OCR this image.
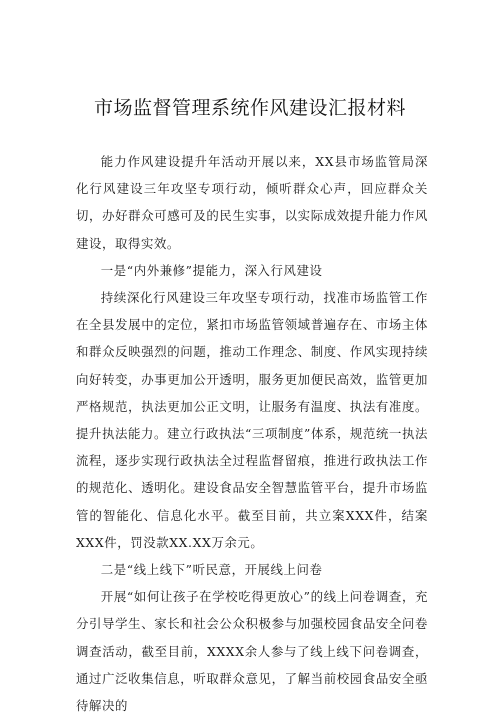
市场监督管理系统作风建设汇报材料

能力作风建设提升年活动开展以来，XX县市场监管局深化行风建设三年攻坚专项行动，倾听群众心声，回应群众关切，办好群众可感可及的民生实事，以实际成效提升能力作风建设，取得实效。

一是“内外兼修”提能力，深入行风建设

持续深化行风建设三年攻坚专项行动，找准市场监管工作在全县发展中的定位，紧扣市场监管领域普遍存在、市场主体和群众反映强烈的问题，推动工作理念、制度、作风实现持续向好转变，办事更加公开透明，服务更加便民高效，监管更加严格规范，执法更加公正文明，让服务有温度、执法有准度。提升执法能力。建立行政执法“三项制度”体系，规范统一执法流程，逐步实现行政执法全过程监督留痕，推进行政执法工作的规范化、透明化。建设食品安全智慧监管平台，提升市场监管的智能化、信息化水平。截至目前，共立案XXX件，结案XXX件，罚没款XX.XX万余元。

二是“线上线下”听民意，开展线上问卷

开展“如何让孩子在学校吃得更放心”的线上问卷调查，充分引导学生、家长和社会公众积极参与加强校园食品安全问卷调查活动，截至目前，XXXX余人参与了线上线下问卷调查，通过广泛收集信息，听取群众意见，了解当前校园食品安全亟待解决的
